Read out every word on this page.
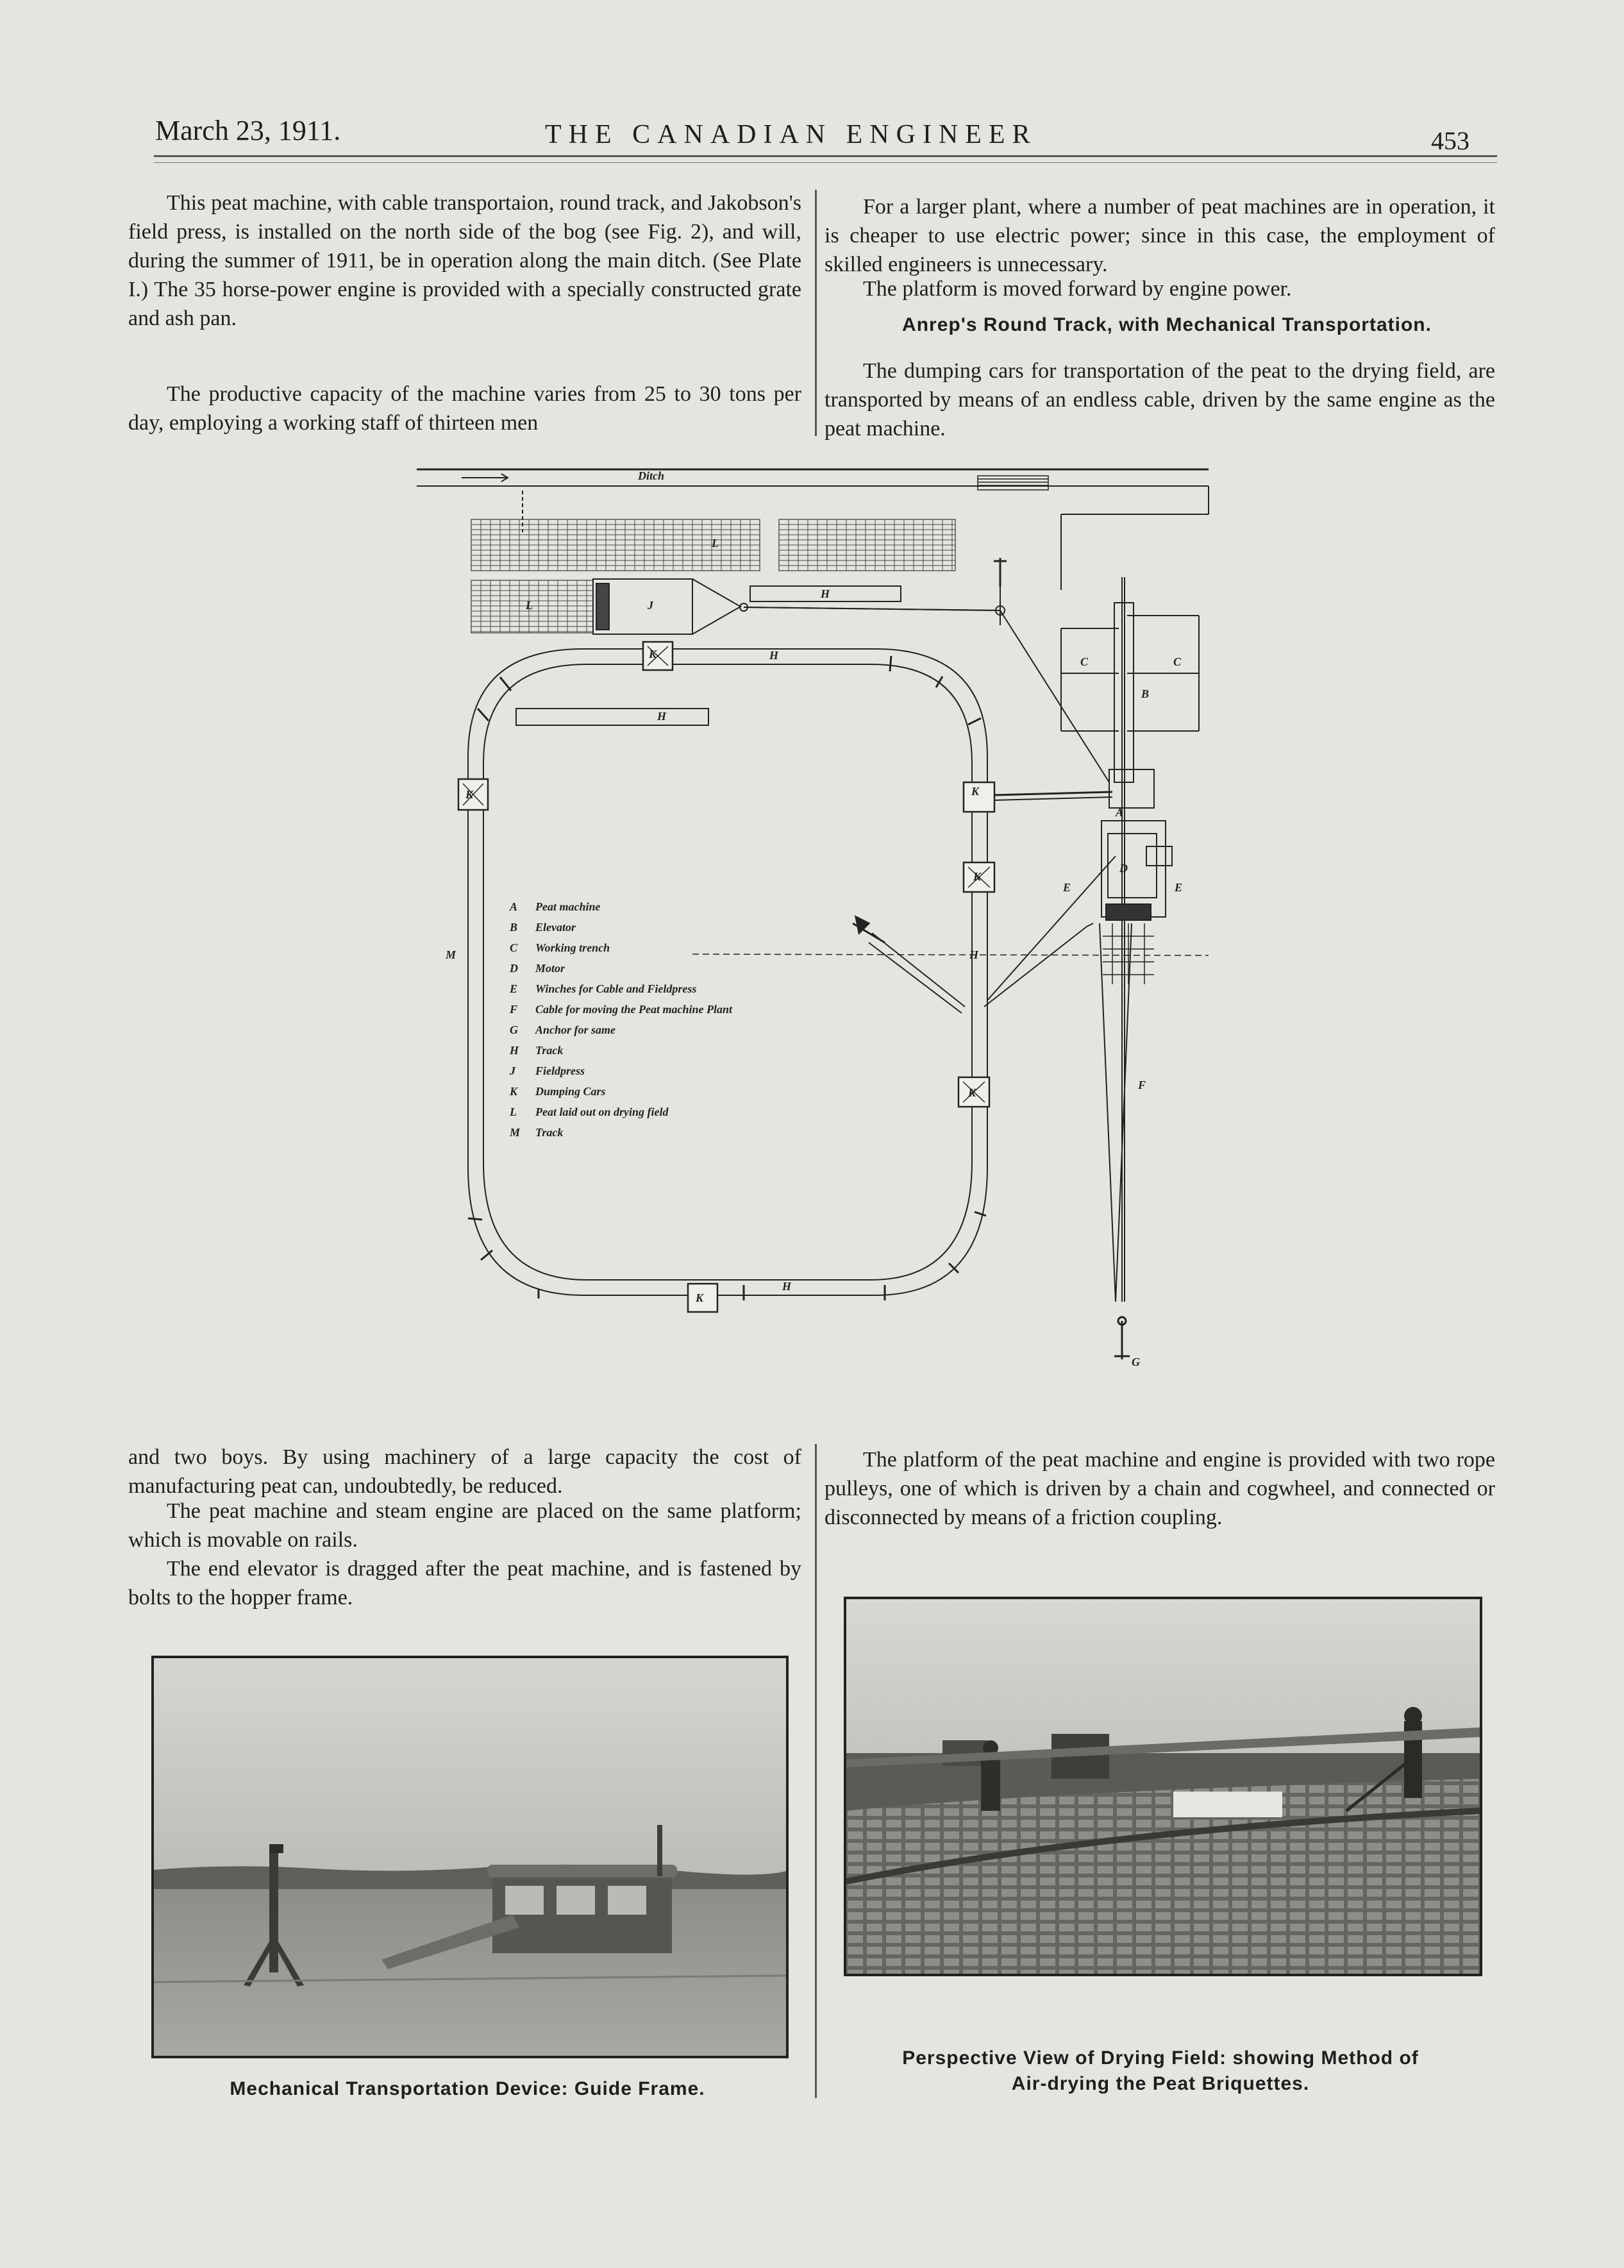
March 23, 1911.	THE CANADIAN ENGINEER	453

This peat machine, with cable transportaion, round track, and Jakobson's field press, is installed on the north side of the bog (see Fig. 2), and will, during the summer of 1911, be in operation along the main ditch. (See Plate I.) The 35 horse-power engine is provided with a specially constructed grate and ash pan.

The productive capacity of the machine varies from 25 to 30 tons per day, employing a working staff of thirteen men

For a larger plant, where a number of peat machines are in operation, it is cheaper to use electric power; since in this case, the employment of skilled engineers is unnecessary.

The platform is moved forward by engine power.

Anrep's Round Track, with Mechanical Transportation.

The dumping cars for transportation of the peat to the drying field, are transported by means of an endless cable, driven by the same engine as the peat machine.

Ditch
L
L	J
H
H
H
H
K
K
K
K
K
K
M	H
C	C
B
A
D
E	E
F
G
A Peat machine
B Elevator
C Working trench
D Motor
E Winches for Cable and Fieldpress
F Cable for moving the Peat machine Plant
G Anchor for same
H Track
J Fieldpress
K Dumping Cars
L Peat laid out on drying field
M Track

and two boys. By using machinery of a large capacity the cost of manufacturing peat can, undoubtedly, be reduced.

The peat machine and steam engine are placed on the same platform; which is movable on rails.

The end elevator is dragged after the peat machine, and is fastened by bolts to the hopper frame.

The platform of the peat machine and engine is provided with two rope pulleys, one of which is driven by a chain and cogwheel, and connected or disconnected by means of a friction coupling.

Mechanical Transportation Device: Guide Frame.

Perspective View of Drying Field: showing Method of
Air-drying the Peat Briquettes.
